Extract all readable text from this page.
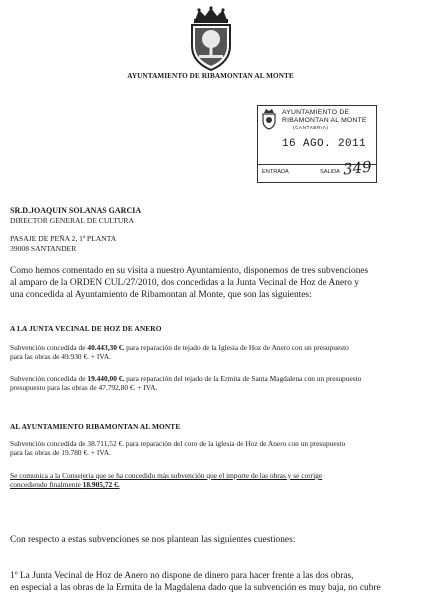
AYUNTAMIENTO DE RIBAMONTAN AL MONTE
AYUNTAMIENTO DE
RIBAMONTAN AL MONTE
(CANTABRIA)
16 AGO. 2011
ENTRADA	SALIDA 349
SR.D.JOAQUIN SOLANAS GARCIA
DIRECTOR GENERAL DE CULTURA
PASAJE DE PEÑA 2, 1ª PLANTA
39008 SANTANDER
Como hemos comentado en su visita a nuestro Ayuntamiento, disponemos de tres subvenciones
al amparo de la ORDEN CUL/27/2010, dos concedidas a la Junta Vecinal de Hoz de Anero y
una concedida al Ayuntamiento de Ribamontan al Monte, que son las siguientes:
A LA JUNTA VECINAL DE HOZ DE ANERO

Subvención concedida de 40.443,30 €. para reparación de tejado de la Iglesia de Hoz de Anero con un presupuesto

para las obras de 49.930 €. + IVA.

Subvención concedida de 19.440,00 €. para reparación del tejado de la Ermita de Santa Magdalena con un presupuesto

presupuesto para las obras de 47.792,80 €. + IVA.

AL AYUNTAMIENTO RIBAMONTAN AL MONTE

Subvención concedida de 38.711,52 €. para reparación del coro de la iglesia de Hoz de Anero con un presupuesto

para las obras de 19.780 €. + IVA.

Se comunica a la Consejeria que se ha concedido más subvención que el importe de las obras y se corrige

concediendo finalmente 18.905,72 €.

Con respecto a estas subvenciones se nos plantean las siguientes cuestiones:
1º La Junta Vecinal de Hoz de Anero no dispone de dinero para hacer frente a las dos obras,
en especial a las obras de la Ermita de la Magdalena dado que la subvención es muy baja, no cubre
